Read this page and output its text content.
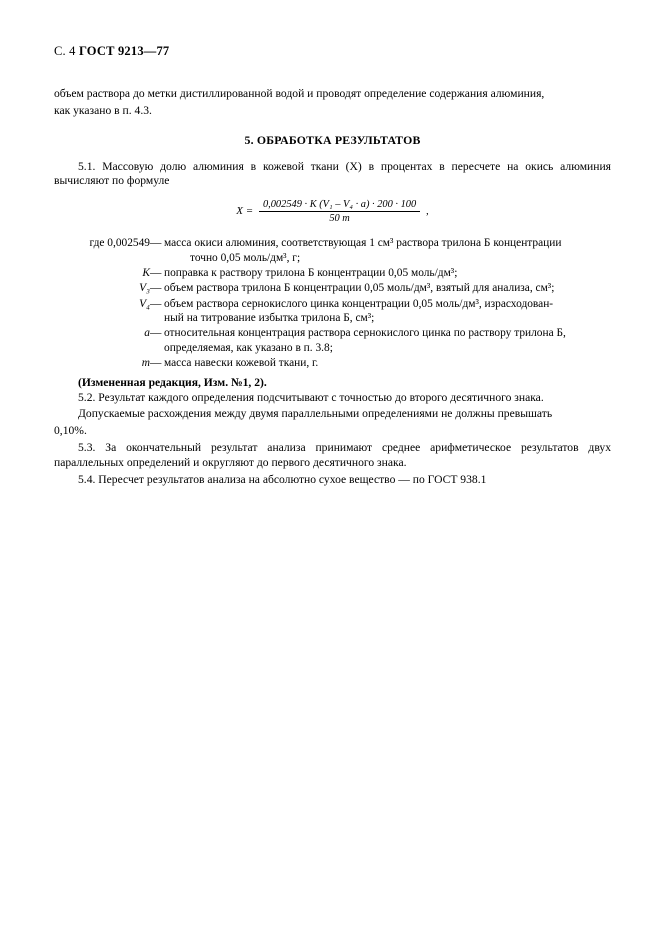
С. 4 ГОСТ 9213—77

объем раствора до метки дистиллированной водой и проводят определение содержания алюминия,

как указано в п. 4.3.

5. ОБРАБОТКА РЕЗУЛЬТАТОВ

5.1. Массовую долю алюминия в кожевой ткани (X) в процентах в пересчете на окись алюминия вычисляют по формуле

$X = \frac{\text{0,002549 · K (V₁ – V₄ · a) · 200 · 100}}{50 m}$ ,
где 0,002549	—	масса окиси алюминия, соответствующая 1 см³ раствора трилона Б концентрации
точно 0,05 моль/дм³, г;

K	—	поправка к раствору трилона Б концентрации 0,05 моль/дм³;
V₃	—	объем раствора трилона Б концентрации 0,05 моль/дм³, взятый для анализа, см³;
V₄	—	объем раствора сернокислого цинка концентрации 0,05 моль/дм³, израсходован-
ный на титрование избытка трилона Б, см³;

a	—	относительная концентрация раствора сернокислого цинка по раствору трилона Б,
определяемая, как указано в п. 3.8;

m	—	масса навески кожевой ткани, г.
(Измененная редакция, Изм. №1, 2).

5.2. Результат каждого определения подсчитывают с точностью до второго десятичного знака.

Допускаемые расхождения между двумя параллельными определениями не должны превышать

0,10%.

5.3. За окончательный результат анализа принимают среднее арифметическое результатов двух параллельных определений и округляют до первого десятичного знака.

5.4. Пересчет результатов анализа на абсолютно сухое вещество — по ГОСТ 938.1
